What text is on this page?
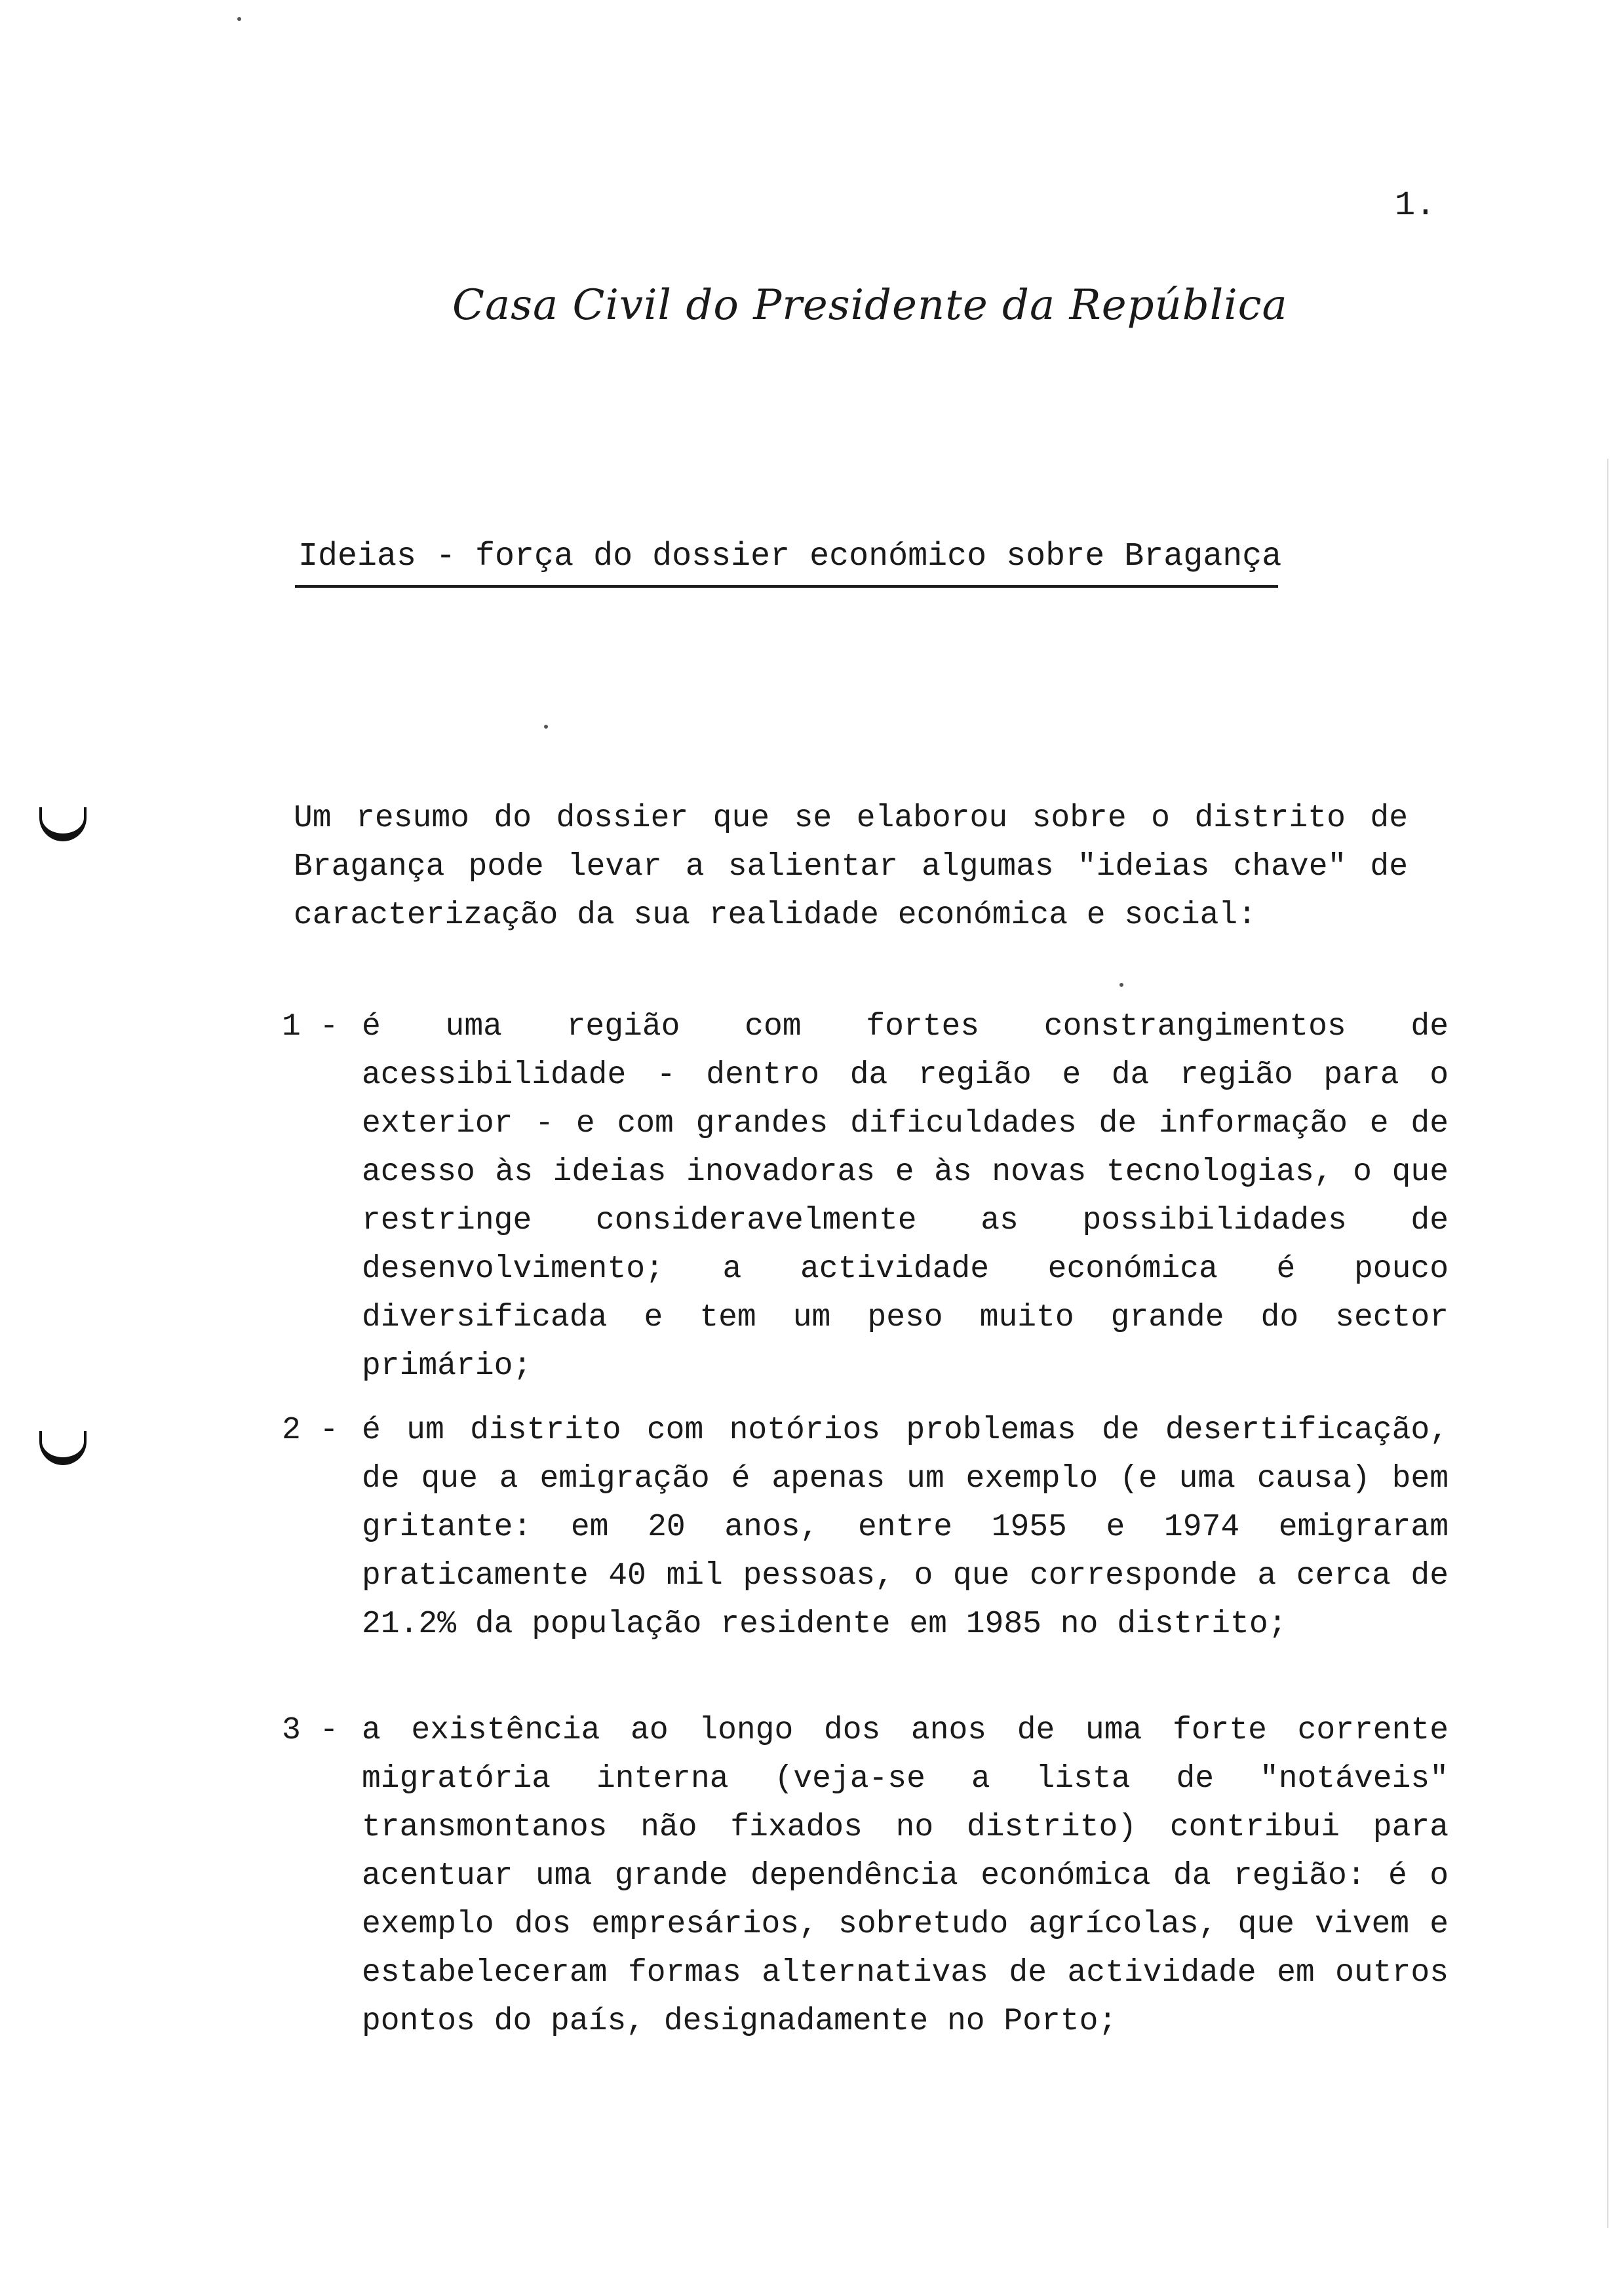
1.
Casa Civil do Presidente da República
Ideias - força do dossier económico sobre Bragança
Um resumo do dossier que se elaborou sobre o distrito de Bragança pode levar a salientar algumas "ideias chave" de caracterização da sua realidade económica e social:
1 - é uma região com fortes constrangimentos de acessibilidade - dentro da região e da região para o exterior - e com grandes dificuldades de informação e de acesso às ideias inovadoras e às novas tecnologias, o que restringe consideravelmente as possibilidades de desenvolvimento; a actividade económica é pouco diversificada e tem um peso muito grande do sector primário;
2 - é um distrito com notórios problemas de desertificação, de que a emigração é apenas um exemplo (e uma causa) bem gritante: em 20 anos, entre 1955 e 1974 emigraram praticamente 40 mil pessoas, o que corresponde a cerca de 21.2% da população residente em 1985 no distrito;
3 - a existência ao longo dos anos de uma forte corrente migratória interna (veja-se a lista de "notáveis" transmontanos não fixados no distrito) contribui para acentuar uma grande dependência económica da região: é o exemplo dos empresários, sobretudo agrícolas, que vivem e estabeleceram formas alternativas de actividade em outros pontos do país, designadamente no Porto;
